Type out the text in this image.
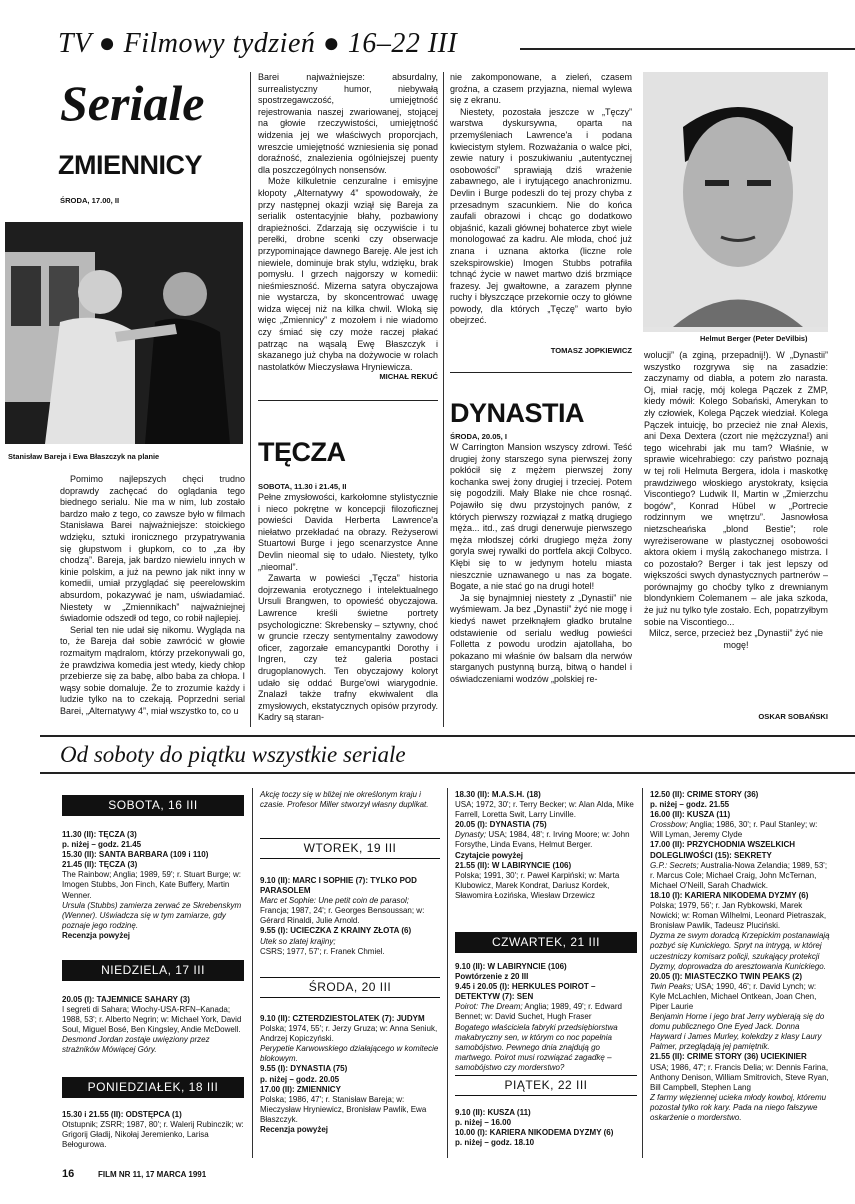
TV ● Filmowy tydzień ● 16–22 III
Seriale
ZMIENNICY
ŚRODA, 17.00, II
Stanisław Bareja i Ewa Błaszczyk na planie

Pomimo najlepszych chęci trudno doprawdy zachęcać do oglądania tego biednego serialu. Nie ma w nim, lub zostało bardzo mało z tego, co zawsze było w filmach Stanisława Barei najważniejsze: stoickiego wdzięku, sztuki ironicznego przypatrywania się głupstwom i głupkom, co to „za łby chodzą”. Bareja, jak bardzo niewielu innych w kinie polskim, a już na pewno jak nikt inny w komedii, umiał przyglądać się peerelowskim absurdom, pokazywać je nam, uświadamiać. Niestety w „Zmiennikach” najważniejnej świadomie odszedł od tego, co robił najlepiej.

Serial ten nie udał się nikomu. Wygląda na to, że Bareja dał sobie zawrócić w głowie rozmaitym mądralom, którzy przekonywali go, że prawdziwa komedia jest wtedy, kiedy chłop przebierze się za babę, albo baba za chłopa. I wąsy sobie domaluje. Że to zrozumie każdy i ludzie tylko na to czekają. Poprzedni serial Barei, „Alternatywy 4”, miał wszystko to, co u

Barei najważniejsze: absurdalny, surrealistyczny humor, niebywałą spostrzegawczość, umiejętność rejestrowania naszej zwariowanej, stojącej na głowie rzeczywistości, umiejętność widzenia jej we właściwych proporcjach, wreszcie umiejętność wzniesienia się ponad doraźność, znalezienia ogólniejszej puenty dla poszczególnych nonsensów.

Może kilkuletnie cenzuralne i emisyjne kłopoty „Alternatywy 4” spowodowały, że przy następnej okazji wziął się Bareja za serialik ostentacyjnie błahy, pozbawiony drapieżności. Zdarzają się oczywiście i tu perełki, drobne scenki czy obserwacje przypominające dawnego Bareję. Ale jest ich niewiele, dominuje brak stylu, wdzięku, brak pomysłu. I grzech najgorszy w komedii: nieśmieszność. Mizerna satyra obyczajowa nie wystarcza, by skoncentrować uwagę widza więcej niż na kilka chwil. Wloką się więc „Zmiennicy” z mozołem i nie wiadomo czy śmiać się czy może raczej płakać patrząc na wąsalą Ewę Błaszczyk i skazanego już chyba na dożywocie w rolach nastolatków Mieczysława Hryniewicza.

MICHAŁ REKUĆ
TĘCZA
SOBOTA, 11.30 i 21.45, II

Pełne zmysłowości, karkołomne stylistycznie i nieco pokrętne w koncepcji filozoficznej powieści Davida Herberta Lawrence'a niełatwo przekładać na obrazy. Reżyserowi Stuartowi Burge i jego scenarzystce Anne Devlin nieomal się to udało. Niestety, tylko „nieomal”.

Zawarta w powieści „Tęcza” historia dojrzewania erotycznego i intelektualnego Ursuli Brangwen, to opowieść obyczajowa. Lawrence kreśli świetne portrety psychologiczne: Skrebensky – sztywny, choć w gruncie rzeczy sentymentalny zawodowy oficer, zagorzałe emancypantki Dorothy i Ingren, czy też galeria postaci drugoplanowych. Ten obyczajowy koloryt udało się oddać Burge'owi wiarygodnie. Znalazł także trafny ekwiwalent dla zmysłowych, ekstatycznych opisów przyrody. Kadry są staran-

nie zakomponowane, a zieleń, czasem groźna, a czasem przyjazna, niemal wylewa się z ekranu.

Niestety, pozostała jeszcze w „Tęczy” warstwa dyskursywna, oparta na przemyśleniach Lawrence'a i podana kwiecistym stylem. Rozważania o walce płci, zewie natury i poszukiwaniu „autentycznej osobowości” sprawiają dziś wrażenie zabawnego, ale i irytującego anachronizmu. Devlin i Burge podeszli do tej prozy chyba z przesadnym szacunkiem. Nie do końca zaufali obrazowi i chcąc go dodatkowo objaśnić, kazali głównej bohaterce zbyt wiele monologować za kadru. Ale młoda, choć już znana i uznana aktorka (liczne role szekspirowskie) Imogen Stubbs potrafiła tchnąć życie w nawet martwo dziś brzmiące frazesy. Jej gwałtowne, a zarazem płynne ruchy i błyszczące przekornie oczy to główne powody, dla których „Tęczę” warto było obejrzeć.

TOMASZ JOPKIEWICZ
DYNASTIA
ŚRODA, 20.05, I

W Carrington Mansion wszyscy zdrowi. Teść drugiej żony starszego syna pierwszej żony pokłócił się z mężem pierwszej żony kochanka swej żony drugiej i trzeciej. Potem się pogodzili. Mały Blake nie chce rosnąć. Pojawiło się dwu przystojnych panów, z których pierwszy rozwiązał z matką drugiego męża... itd., zaś drugi denerwuje pierwszego męża młodszej córki drugiego męża żony goryla swej rywalki do portfela akcji Colbyco. Kłębi się to w jedynym hotelu miasta nieszcznie uznawanego u nas za bogate. Bogate, a nie stać go na drugi hotel!

Ja się bynajmniej niestety z „Dynastii” nie wyśmiewam. Ja bez „Dynastii” żyć nie mogę i kiedyś nawet przełknąłem gładko brutalne odstawienie od serialu według powieści Folletta z powodu urodzin ajatollaha, bo pokazano mi właśnie ów balsam dla nerwów starganych pustynną burzą, bitwą o handel i oświadczeniami wodzów „polskiej re-

Helmut Berger (Peter DeVilbis)

wolucji” (a zginą, przepadnij!). W „Dynastii” wszystko rozgrywa się na zasadzie: zaczynamy od diabła, a potem zło narasta. Oj, miał rację, mój kolega Pączek z ZMP, kiedy mówił: Kolego Sobański, Amerykan to zły człowiek, Kolega Pączek wiedział. Kolega Pączek intuicję, bo przecież nie znał Alexis, ani Dexa Dextera (czort nie mężczyzna!) ani tego wicehrabi jak mu tam? Właśnie, w sprawie wicehrabiego: czy państwo poznają w tej roli Helmuta Bergera, idola i maskotkę prawdziwego włoskiego arystokraty, księcia Viscontiego? Ludwik II, Martin w „Zmierzchu bogów”, Konrad Hübel w „Portrecie rodzinnym we wnętrzu”. Jasnowłosa nietzscheańska „blond Bestie”; role wyreżiserowane w plastycznej osobowości aktora okiem i myślą zakochanego mistrza. I co pozostało? Berger i tak jest lepszy od większości swych dynastycznych partnerów – porównajmy go choćby tylko z drewnianym blondynkiem Colemanem – ale jaka szkoda, że już nu tylko tyle zostało. Ech, popatrzyłbym sobie na Viscontiego...

Milcz, serce, przecież bez „Dynastii” żyć nie mogę!

OSKAR SOBAŃSKI
Od soboty do piątku wszystkie seriale
SOBOTA, 16 III
11.30 (II): TĘCZA (3)
p. niżej – godz. 21.45
15.30 (II): SANTA BARBARA (109 i 110)
21.45 (II): TĘCZA (3)
The Rainbow; Anglia; 1989, 59'; r. Stuart Burge; w: Imogen Stubbs, Jon Finch, Kate Buffery, Martin Wenner.
Ursula (Stubbs) zamierza zerwać ze Skrebenskym (Wenner). Uświadcza się w tym zamiarze, gdy poznaje jego rodzinę.
Recenzja powyżej
NIEDZIELA, 17 III
20.05 (I): TAJEMNICE SAHARY (3)
I segreti di Sahara; Włochy-USA-RFN–Kanada; 1988, 53'; r. Alberto Negrin; w: Michael York, David Soul, Miguel Bosé, Ben Kingsley, Andie McDowell.
Desmond Jordan zostaje uwięziony przez strażników Mówiącej Góry.
PONIEDZIAŁEK, 18 III
15.30 i 21.55 (II): ODSTĘPCA (1)
Otstupnik; ZSRR; 1987, 80'; r. Walerij Rubinczik; w: Grigorij Gładij, Nikołaj Jeremienko, Larisa Bełogurowa.
Akcję toczy się w bliżej nie określonym kraju i czasie. Profesor Miller stworzył własny duplikat.
WTOREK, 19 III
9.10 (II): MARC I SOPHIE (7): TYLKO POD PARASOLEM
Marc et Sophie: Une petit coin de parasol;
Francja; 1987, 24'; r. Georges Bensoussan; w: Gérard Rinaldi, Julie Arnold.
9.55 (I): UCIECZKA Z KRAINY ZŁOTA (6)
Utek so zlatej krajiny;
CSRS; 1977, 57'; r. Franek Chmiel.
ŚRODA, 20 III
9.10 (II): CZTERDZIESTOLATEK (7): JUDYM
Polska; 1974, 55'; r. Jerzy Gruza; w: Anna Seniuk, Andrzej Kopiczyński.
Perypetie Karwowskiego działającego w komitecie blokowym.
9.55 (I): DYNASTIA (75)
p. niżej – godz. 20.05
17.00 (II): ZMIENNICY
Polska; 1986, 47'; r. Stanisław Bareja; w: Mieczysław Hryniewicz, Bronisław Pawlik, Ewa Błaszczyk.
Recenzja powyżej
18.30 (II): M.A.S.H. (18)
USA; 1972, 30'; r. Terry Becker; w: Alan Alda, Mike Farrell, Loretta Swit, Larry Linville.
20.05 (I): DYNASTIA (75)
Dynasty; USA; 1984, 48'; r. Irving Moore; w: John Forsythe, Linda Evans, Helmut Berger.
Czytajcie powyżej
21.55 (II): W LABIRYNCIE (106)
Polska; 1991, 30'; r. Paweł Karpiński; w: Marta Klubowicz, Marek Kondrat, Dariusz Kordek, Sławomira Łozińska, Wiesław Drzewicz
CZWARTEK, 21 III
9.10 (II): W LABIRYNCIE (106)
Powtórzenie z 20 III
9.45 i 20.05 (I): HERKULES POIROT – DETEKTYW (7): SEN
Poirot: The Dream; Anglia; 1989, 49'; r. Edward Bennet; w: David Suchet, Hugh Fraser
Bogatego właściciela fabryki przedsiębiorstwa makabryczny sen, w którym co noc popełnia samobójstwo. Pewnego dnia znajdują go martwego. Poirot musi rozwiązać zagadkę – samobójstwo czy morderstwo?
PIĄTEK, 22 III
9.10 (II): KUSZA (11)
p. niżej – 16.00
10.00 (I): KARIERA NIKODEMA DYZMY (6)
p. niżej – godz. 18.10
12.50 (II): CRIME STORY (36)
p. niżej – godz. 21.55
16.00 (II): KUSZA (11)
Crossbow; Anglia; 1986, 30'; r. Paul Stanley; w: Will Lyman, Jeremy Clyde
17.00 (II): PRZYCHODNIA WSZELKICH DOLEGLIWOŚCI (15): SEKRETY
G.P.: Secrets; Australia-Nowa Zelandia; 1989, 53'; r. Marcus Cole; Michael Craig, John McTernan, Michael O'Neill, Sarah Chadwick.
18.10 (I): KARIERA NIKODEMA DYZMY (6)
Polska; 1979, 56'; r. Jan Rybkowski, Marek Nowicki; w: Roman Wilhelmi, Leonard Pietraszak, Bronisław Pawlik, Tadeusz Pluciński.
Dyzma ze swym doradcą Krzepickim postanawiają pozbyć się Kunickiego. Spryt na intrygą, w której uczestniczy komisarz policji, szukający protekcji Dyzmy, doprowadza do aresztowania Kunickiego.
20.05 (I): MIASTECZKO TWIN PEAKS (2)
Twin Peaks; USA; 1990, 46'; r. David Lynch; w: Kyle McLachlen, Michael Ontkean, Joan Chen, Piper Laurie
Benjamin Horne i jego brat Jerry wybierają się do domu publicznego One Eyed Jack. Donna Hayward i James Murley, kolekdzy z klasy Laury Palmer, przeglądają jej pamiętnik.
21.55 (II): CRIME STORY (36) UCIEKINIER
USA; 1986, 47'; r. Francis Delia; w: Dennis Farina, Anthony Denison, William Smitrovich, Steve Ryan, Bill Campbell, Stephen Lang
Z farmy więziennej ucieka młody kowboj, któremu pozostał tylko rok kary. Pada na niego fałszywe oskarżenie o morderstwo.
16	FILM NR 11, 17 MARCA 1991
